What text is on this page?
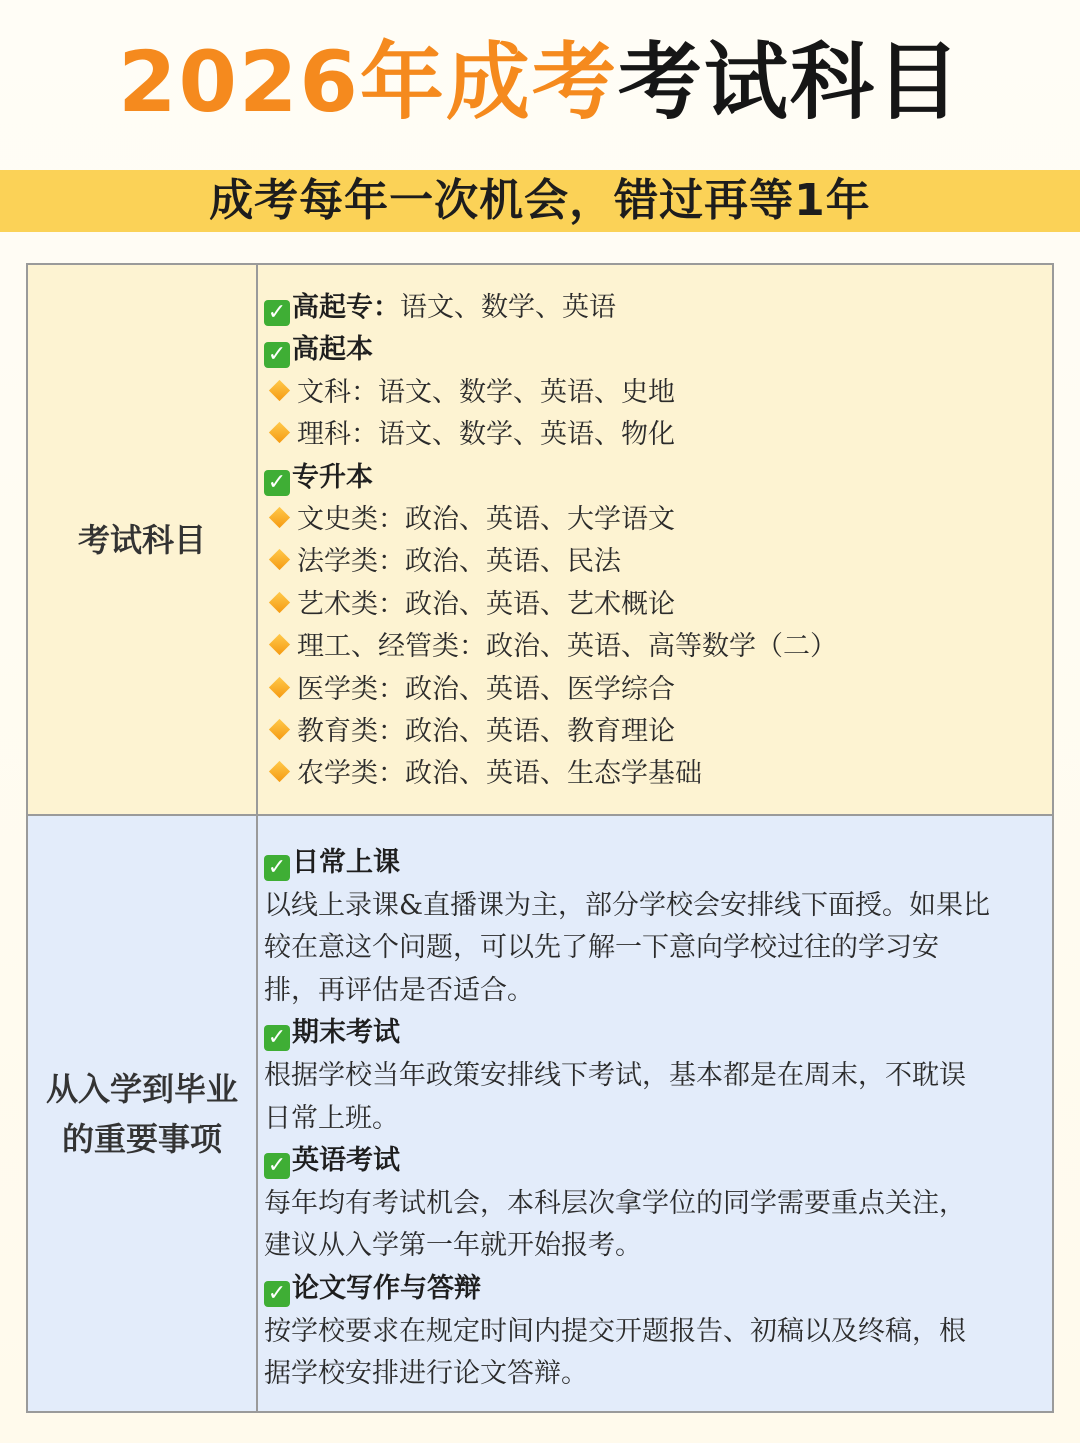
2026年成考考试科目
成考每年一次机会，错过再等1年
考试科目
✓ 高起专：语文、数学、英语
✓ 高起本
文科：语文、数学、英语、史地
理科：语文、数学、英语、物化
✓ 专升本
文史类：政治、英语、大学语文
法学类：政治、英语、民法
艺术类：政治、英语、艺术概论
理工、经管类：政治、英语、高等数学（二）
医学类：政治、英语、医学综合
教育类：政治、英语、教育理论
农学类：政治、英语、生态学基础
从入学到毕业
的重要事项
✓ 日常上课
以线上录课&直播课为主，部分学校会安排线下面授。如果比
较在意这个问题，可以先了解一下意向学校过往的学习安
排，再评估是否适合。
✓ 期末考试
根据学校当年政策安排线下考试，基本都是在周末，不耽误
日常上班。
✓ 英语考试
每年均有考试机会，本科层次拿学位的同学需要重点关注，
建议从入学第一年就开始报考。
✓ 论文写作与答辩
按学校要求在规定时间内提交开题报告、初稿以及终稿，根
据学校安排进行论文答辩。
